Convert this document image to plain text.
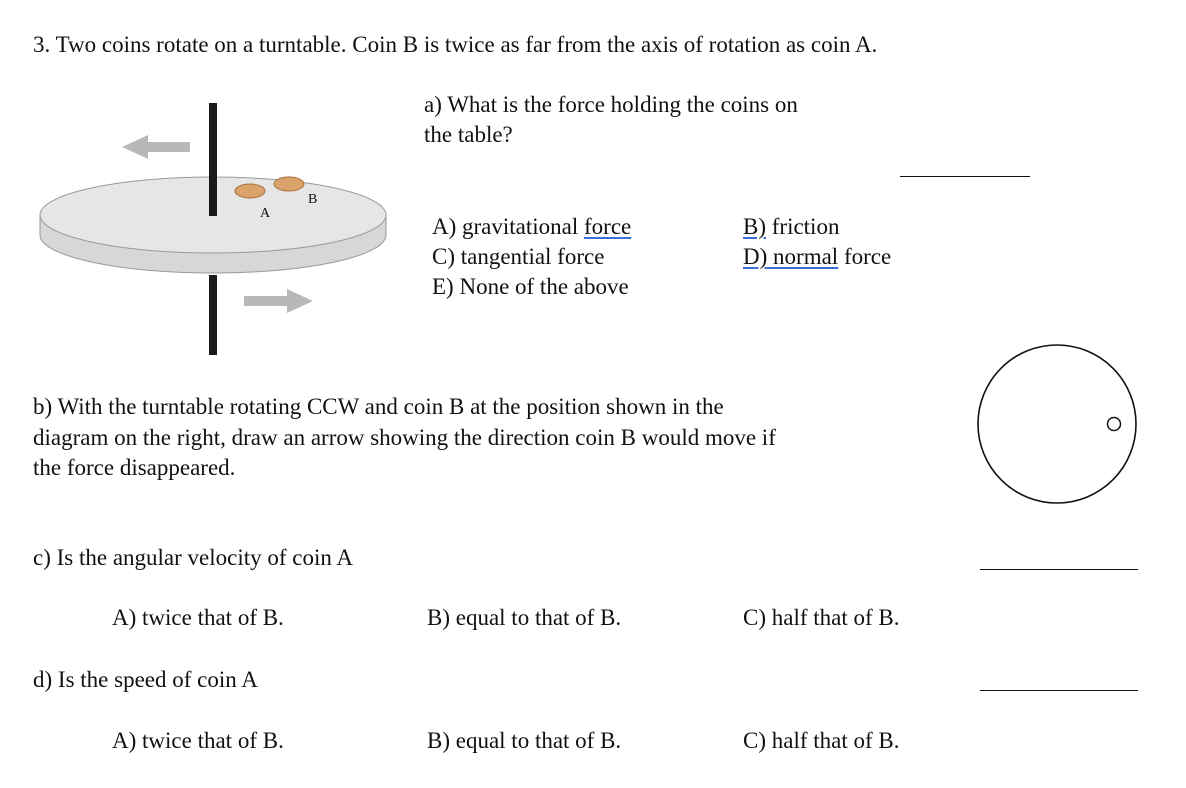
3. Two coins rotate on a turntable. Coin B is twice as far from the axis of rotation as coin A.
A
B
a) What is the force holding the coins on
the table?
A) gravitational force	B) friction
C) tangential force	D) normal force
E) None of the above
b) With the turntable rotating CCW and coin B at the position shown in the
diagram on the right, draw an arrow showing the direction coin B would move if
the force disappeared.
c) Is the angular velocity of coin A
A) twice that of B.	B) equal to that of B.	C) half that of B.
d) Is the speed of coin A
A) twice that of B.	B) equal to that of B.	C) half that of B.
